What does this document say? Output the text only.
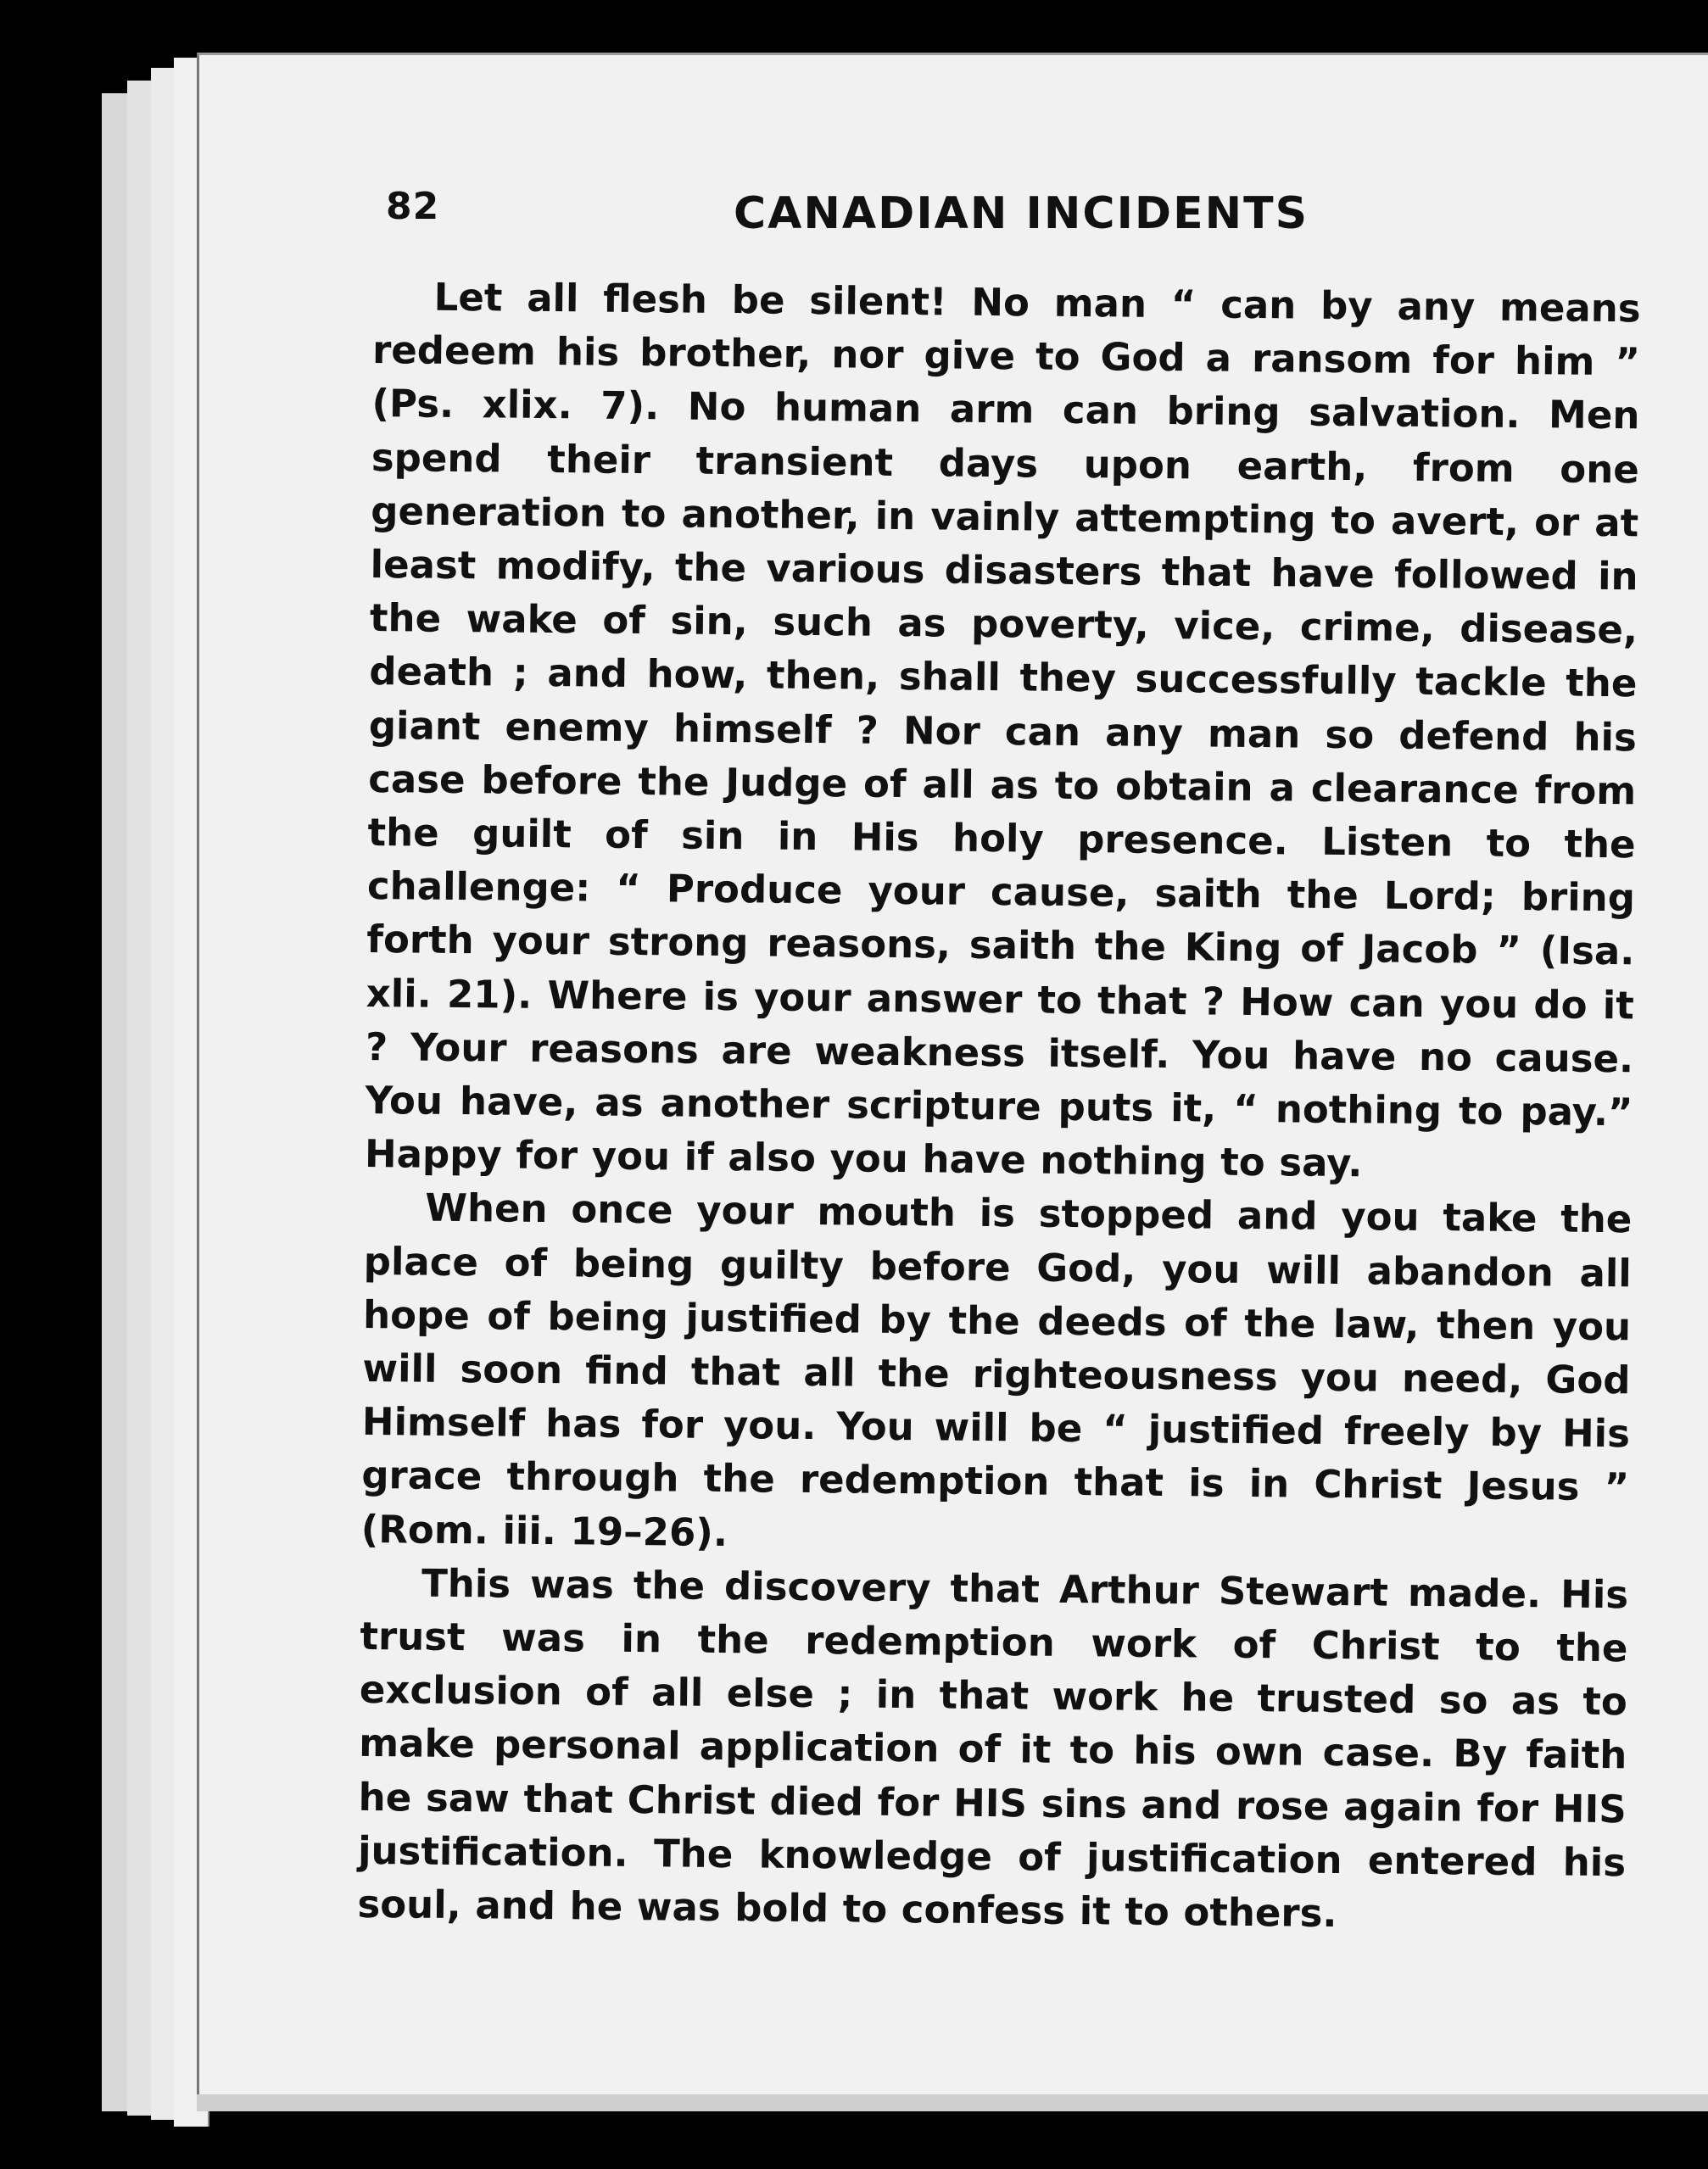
82	CANADIAN INCIDENTS

Let all flesh be silent! No man “ can by any means redeem his brother, nor give to God a ransom for him ” (Ps. xlix. 7). No human arm can bring salvation. Men spend their transient days upon earth, from one generation to another, in vainly attempting to avert, or at least modify, the various disasters that have followed in the wake of sin, such as poverty, vice, crime, disease, death ; and how, then, shall they successfully tackle the giant enemy himself ? Nor can any man so defend his case before the Judge of all as to obtain a clearance from the guilt of sin in His holy presence. Listen to the challenge: “ Produce your cause, saith the Lord; bring forth your strong reasons, saith the King of Jacob ” (Isa. xli. 21). Where is your answer to that ? How can you do it ? Your reasons are weakness itself. You have no cause. You have, as another scripture puts it, “ nothing to pay.” Happy for you if also you have nothing to say.

When once your mouth is stopped and you take the place of being guilty before God, you will abandon all hope of being justified by the deeds of the law, then you will soon find that all the righteousness you need, God Himself has for you. You will be “ justified freely by His grace through the redemption that is in Christ Jesus ” (Rom. iii. 19–26).

This was the discovery that Arthur Stewart made. His trust was in the redemption work of Christ to the exclusion of all else ; in that work he trusted so as to make personal application of it to his own case. By faith he saw that Christ died for HIS sins and rose again for HIS justification. The knowledge of justification entered his soul, and he was bold to confess it to others.
